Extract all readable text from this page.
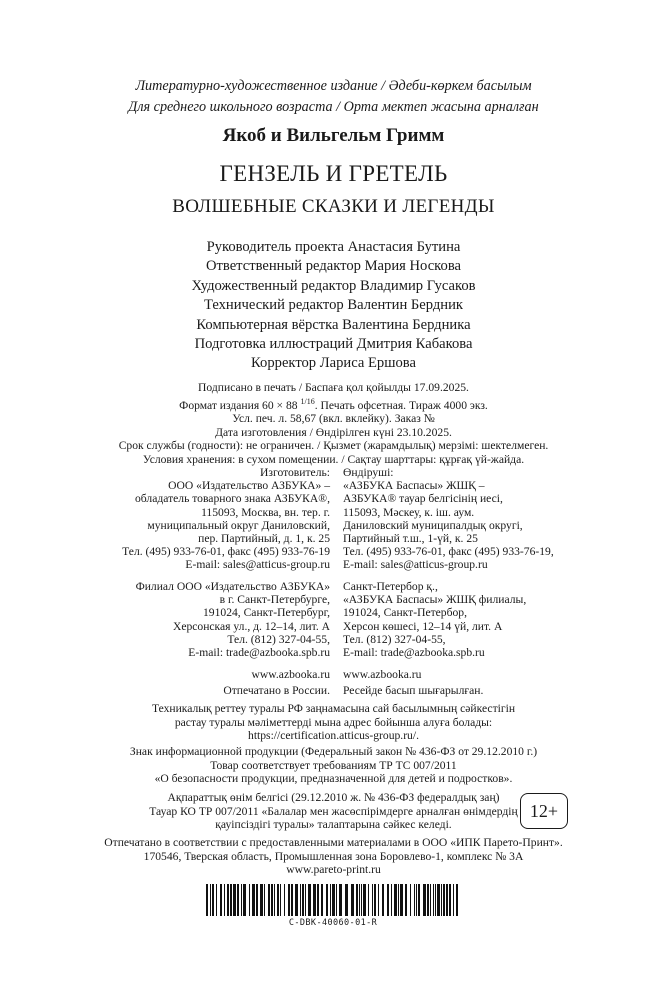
Литературно-художественное издание / Әдеби-көркем басылым
Для среднего школьного возраста / Орта мектеп жасына арналған
Якоб и Вильгельм Гримм
ГЕНЗЕЛЬ И ГРЕТЕЛЬ
ВОЛШЕБНЫЕ СКАЗКИ И ЛЕГЕНДЫ
Руководитель проекта Анастасия Бутина
Ответственный редактор Мария Носкова
Художественный редактор Владимир Гусаков
Технический редактор Валентин Бердник
Компьютерная вёрстка Валентина Бердника
Подготовка иллюстраций Дмитрия Кабакова
Корректор Лариса Ершова
Подписано в печать / Баспаға қол қойылды 17.09.2025.
Формат издания 60 × 88 $^{1/16}$. Печать офсетная. Тираж 4000 экз.
Усл. печ. л. 58,67 (вкл. вклейку). Заказ №
Дата изготовления / Өндірілген күні 23.10.2025.
Срок службы (годности): не ограничен. / Қызмет (жарамдылық) мерзімі: шектелмеген.
Условия хранения: в сухом помещении. / Сақтау шарттары: құрғақ үй-жайда.
Изготовитель:
ООО «Издательство АЗБУКА» –
обладатель товарного знака АЗБУКА®,
115093, Москва, вн. тер. г.
муниципальный округ Даниловский,
пер. Партийный, д. 1, к. 25
Тел. (495) 933-76-01, факс (495) 933-76-19
E-mail: sales@atticus-group.ru
Өндіруші:
«АЗБУКА Баспасы» ЖШҚ –
АЗБУКА® тауар белгісінің иесі,
115093, Мәскеу, к. іш. аум.
Даниловский муниципалдық округі,
Партийный т.ш., 1-үй, к. 25
Тел. (495) 933-76-01, факс (495) 933-76-19,
E-mail: sales@atticus-group.ru
Филиал ООО «Издательство АЗБУКА»
в г. Санкт-Петербурге,
191024, Санкт-Петербург,
Херсонская ул., д. 12–14, лит. А
Тел. (812) 327-04-55,
E-mail: trade@azbooka.spb.ru
Санкт-Петербор қ.,
«АЗБУКА Баспасы» ЖШҚ филиалы,
191024, Санкт-Петербор,
Херсон көшесі, 12–14 үй, лит. А
Тел. (812) 327-04-55,
E-mail: trade@azbooka.spb.ru
www.azbooka.ru
Отпечатано в России.
www.azbooka.ru
Ресейде басып шығарылған.
Техникалық реттеу туралы РФ заңнамасына сай басылымның сәйкестігін
растау туралы мәліметтерді мына адрес бойынша алуға болады:
https://certification.atticus-group.ru/.
Знак информационной продукции (Федеральный закон № 436-ФЗ от 29.12.2010 г.)
Товар соответствует требованиям ТР ТС 007/2011
«О безопасности продукции, предназначенной для детей и подростков».
12+
Ақпараттық өнім белгісі (29.12.2010 ж. № 436-ФЗ федералдық заң)
Тауар КО ТР 007/2011 «Балалар мен жасөспірімдерге арналған өнімдердің
қауіпсіздігі туралы» талаптарына сәйкес келеді.
Отпечатано в соответствии с предоставленными материалами в ООО «ИПК Парето-Принт».
170546, Тверская область, Промышленная зона Боровлево-1, комплекс № 3А
www.pareto-print.ru
C-DBK-40060-01-R
